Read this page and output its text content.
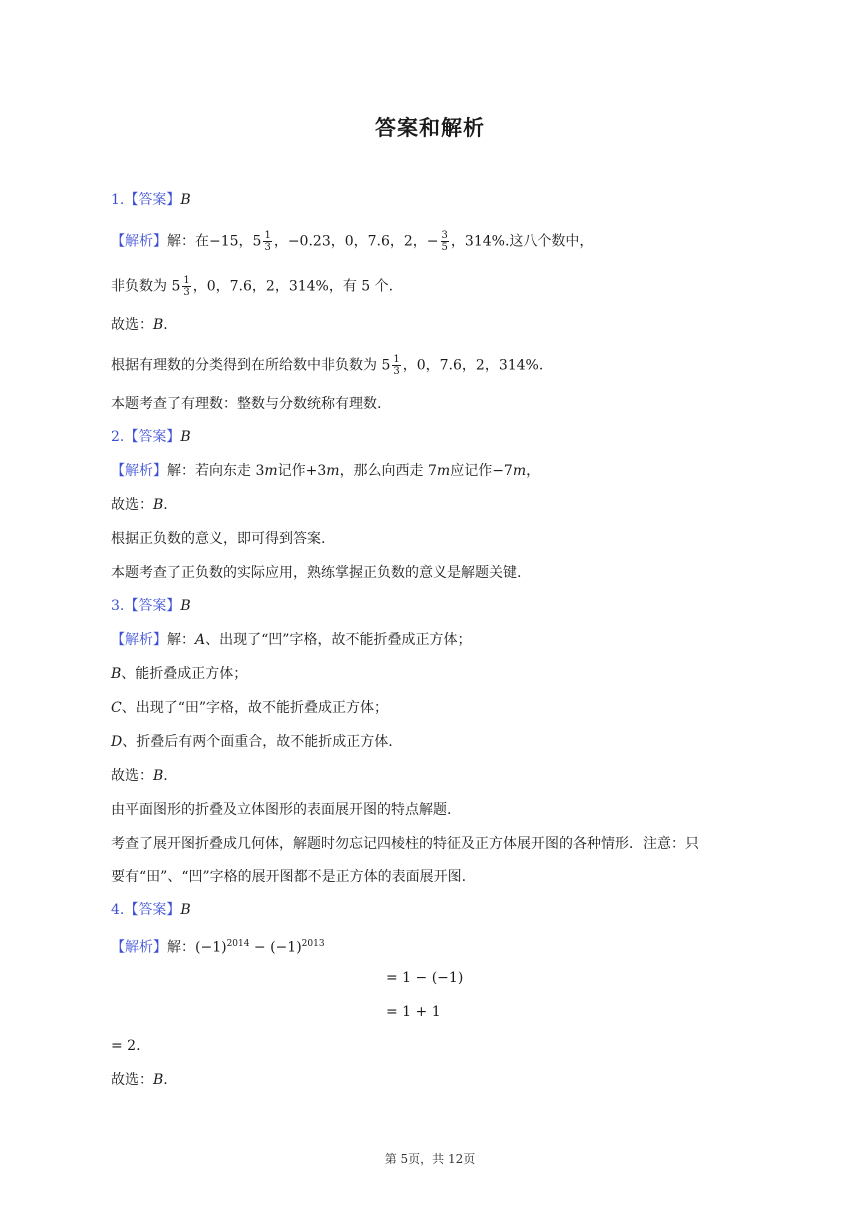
答案和解析
1.【答案】B
【解析】解：在−15，$5 \frac{1}{3}$ ，−0.23，0，7.6，2，− $\frac{3}{5}$ ，314%.这八个数中，
非负数为 $5 \frac{1}{3}$ ，0，7.6，2，314%，有 5 个.
故选：B.
根据有理数的分类得到在所给数中非负数为 $5 \frac{1}{3}$ ，0，7.6，2，314%.
本题考查了有理数：整数与分数统称有理数.
2.【答案】B
【解析】解：若向东走 3m记作+3m，那么向西走 7m应记作−7m，
故选：B.
根据正负数的意义，即可得到答案.
本题考查了正负数的实际应用，熟练掌握正负数的意义是解题关键.
3.【答案】B
【解析】解：A、出现了“凹”字格，故不能折叠成正方体；
B、能折叠成正方体；
C、出现了“田”字格，故不能折叠成正方体；
D、折叠后有两个面重合，故不能折成正方体.
故选：B.
由平面图形的折叠及立体图形的表面展开图的特点解题.
考查了展开图折叠成几何体，解题时勿忘记四棱柱的特征及正方体展开图的各种情形．注意：只
要有“田”、“凹”字格的展开图都不是正方体的表面展开图.
4.【答案】B
【解析】解：$(-1)^{2014} - (-1)^{2013}$
= 1 − (−1)
= 1 + 1
= 2.
故选：B.
第 5页，共 12页
